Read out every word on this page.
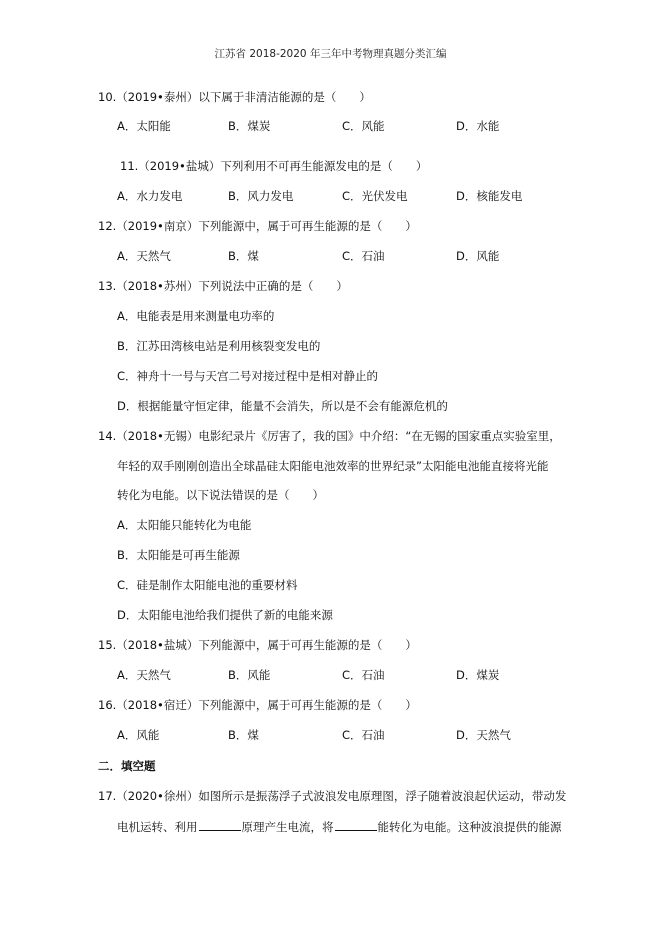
江苏省 2018-2020 年三年中考物理真题分类汇编
10.（2019•泰州）以下属于非清洁能源的是（　　）
A．太阳能	B．煤炭	C．风能	D．水能
11.（2019•盐城）下列利用不可再生能源发电的是（　　）
A．水力发电	B．风力发电	C．光伏发电	D．核能发电
12.（2019•南京）下列能源中，属于可再生能源的是（　　）
A．天然气	B．煤	C．石油	D．风能
13.（2018•苏州）下列说法中正确的是（　　）
A．电能表是用来测量电功率的
B．江苏田湾核电站是利用核裂变发电的
C．神舟十一号与天宫二号对接过程中是相对静止的
D．根据能量守恒定律，能量不会消失，所以是不会有能源危机的
14.（2018•无锡）电影纪录片《厉害了，我的国》中介绍：“在无锡的国家重点实验室里，
年轻的双手刚刚创造出全球晶硅太阳能电池效率的世界纪录”太阳能电池能直接将光能
转化为电能。以下说法错误的是（　　）
A．太阳能只能转化为电能
B．太阳能是可再生能源
C．硅是制作太阳能电池的重要材料
D．太阳能电池给我们提供了新的电能来源
15.（2018•盐城）下列能源中，属于可再生能源的是（　　）
A．天然气	B．风能	C．石油	D．煤炭
16.（2018•宿迁）下列能源中，属于可再生能源的是（　　）
A．风能	B．煤	C．石油	D．天然气
二．填空题
17.（2020•徐州）如图所示是振荡浮子式波浪发电原理图，浮子随着波浪起伏运动，带动发
电机运转、利用	原理产生电流，将	能转化为电能。这种波浪提供的能源
